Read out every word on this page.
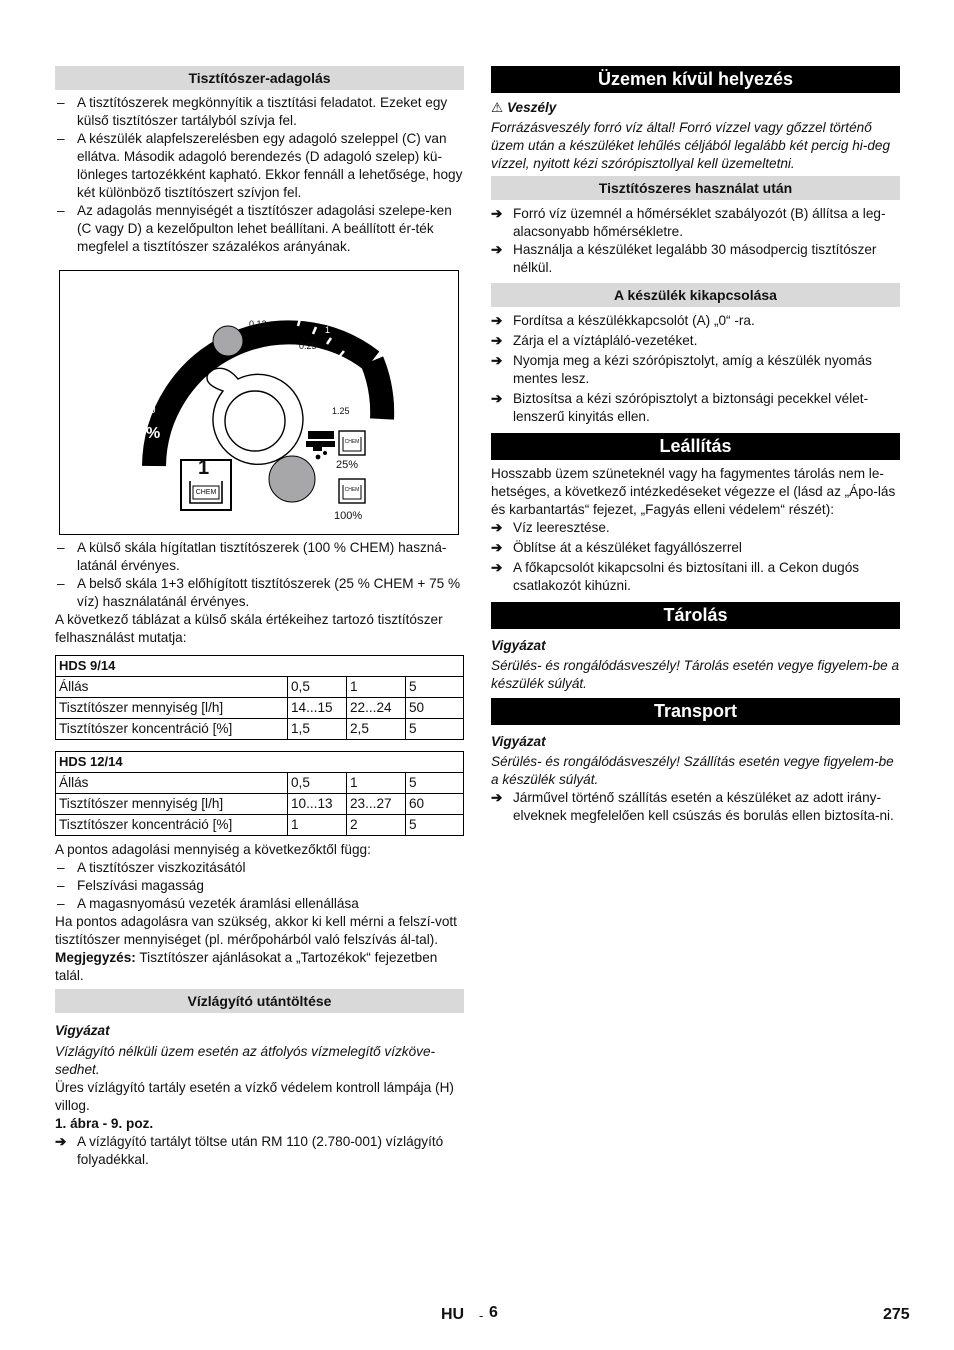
Tisztítószer-adagolás

– A tisztítószerek megkönnyítik a tisztítási feladatot. Ezeket egy külső tisztítószer tartályból szívja fel.

– A készülék alapfelszerelésben egy adagoló szeleppel (C) van ellátva. Második adagoló berendezés (D adagoló szelep) kü-lönleges tartozékként kapható. Ekkor fennáll a lehetősége, hogy két különböző tisztítószert szívjon fel.

– Az adagolás mennyiségét a tisztítószer adagolási szelepe-ken (C vagy D) a kezelőpulton lehet beállítani. A beállított ér-ték megfelel a tisztítószer százalékos arányának.

0.5
0.12
1
0.25
1.25
0	5
%
25%
100%
1
CHEM
CHEM
CHEM

– A külső skála hígítatlan tisztítószerek (100 % CHEM) haszná-latánál érvényes.

– A belső skála 1+3 előhígított tisztítószerek (25 % CHEM + 75 % víz) használatánál érvényes.

A következő táblázat a külső skála értékeihez tartozó tisztítószer felhasználást mutatja:

HDS 9/14			
Állás	0,5	1	5
Tisztítószer mennyiség [l/h]	14...15	22...24	50
Tisztítószer koncentráció [%]	1,5	2,5	5
HDS 12/14			
Állás	0,5	1	5
Tisztítószer mennyiség [l/h]	10...13	23...27	60
Tisztítószer koncentráció [%]	1	2	5

A pontos adagolási mennyiség a következőktől függ:

– A tisztítószer viszkozitásától

– Felszívási magasság

– A magasnyomású vezeték áramlási ellenállása

Ha pontos adagolásra van szükség, akkor ki kell mérni a felszí-vott tisztítószer mennyiséget (pl. mérőpohárból való felszívás ál-tal).

Megjegyzés: Tisztítószer ajánlásokat a „Tartozékok“ fejezetben talál.

Vízlágyító utántöltése

Vigyázat

Vízlágyító nélküli üzem esetén az átfolyós vízmelegítő vízköve-sedhet.

Üres vízlágyító tartály esetén a vízkő védelem kontroll lámpája (H) villog.

1. ábra - 9. poz.

➔ A vízlágyító tartályt töltse után RM 110 (2.780-001) vízlágyító folyadékkal.

Üzemen kívül helyezés

⚠ Veszély

Forrázásveszély forró víz által! Forró vízzel vagy gőzzel történő üzem után a készüléket lehűlés céljából legalább két percig hi-deg vízzel, nyitott kézi szórópisztollyal kell üzemeltetni.

Tisztítószeres használat után

➔ Forró víz üzemnél a hőmérséklet szabályozót (B) állítsa a leg-alacsonyabb hőmérsékletre.

➔ Használja a készüléket legalább 30 másodpercig tisztítószer nélkül.

A készülék kikapcsolása

➔ Fordítsa a készülékkapcsolót (A) „0“ -ra.

➔ Zárja el a víztápláló-vezetéket.

➔ Nyomja meg a kézi szórópisztolyt, amíg a készülék nyomás mentes lesz.

➔ Biztosítsa a kézi szórópisztolyt a biztonsági pecekkel vélet-lenszerű kinyitás ellen.

Leállítás

Hosszabb üzem szüneteknél vagy ha fagymentes tárolás nem le-hetséges, a következő intézkedéseket végezze el (lásd az „Ápo-lás és karbantartás“ fejezet, „Fagyás elleni védelem“ részét):

➔ Víz leeresztése.

➔ Öblítse át a készüléket fagyállószerrel

➔ A főkapcsolót kikapcsolni és biztosítani ill. a Cekon dugós csatlakozót kihúzni.

Tárolás

Vigyázat

Sérülés- és rongálódásveszély! Tárolás esetén vegye figyelem-be a készülék súlyát.

Transport

Vigyázat

Sérülés- és rongálódásveszély! Szállítás esetén vegye figyelem-be a készülék súlyát.

➔ Járművel történő szállítás esetén a készüléket az adott irány-elveknek megfelelően kell csúszás és borulás ellen biztosíta-ni.

HU - 6	275
